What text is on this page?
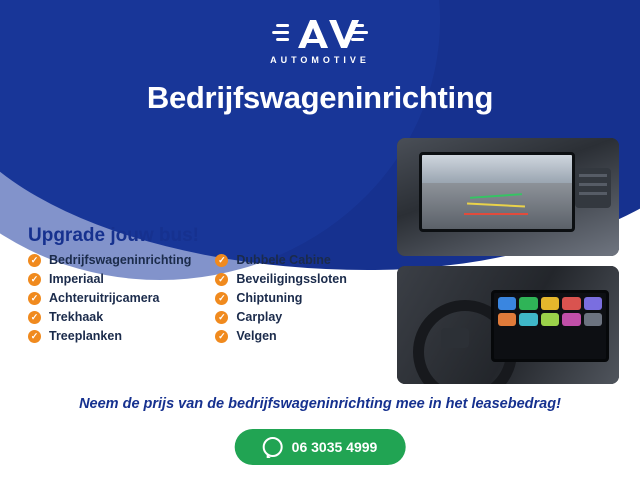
AUTOMOTIVE
Bedrijfswageninrichting
Upgrade jouw bus!
✓ Bedrijfswageninrichting
✓ Imperiaal
✓ Achteruitrijcamera
✓ Trekhaak
✓ Treeplanken
✓ Dubbele Cabine
✓ Beveiligingssloten
✓ Chiptuning
✓ Carplay
✓ Velgen
Neem de prijs van de bedrijfswageninrichting mee in het leasebedrag!
06 3035 4999
